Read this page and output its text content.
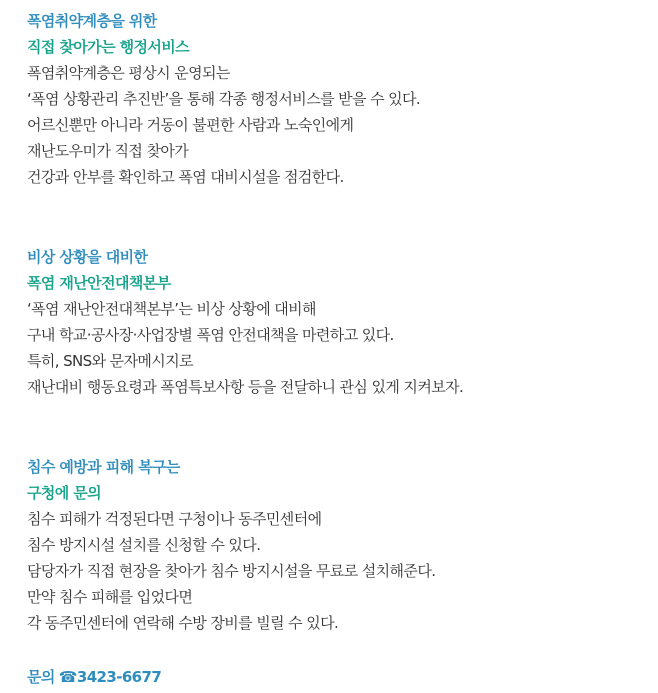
폭염취약계층을 위한
직접 찾아가는 행정서비스
폭염취약계층은 평상시 운영되는
‘폭염 상황관리 추진반’을 통해 각종 행정서비스를 받을 수 있다.
어르신뿐만 아니라 거동이 불편한 사람과 노숙인에게
재난도우미가 직접 찾아가
건강과 안부를 확인하고 폭염 대비시설을 점검한다.
비상 상황을 대비한
폭염 재난안전대책본부
‘폭염 재난안전대책본부’는 비상 상황에 대비해
구내 학교·공사장·사업장별 폭염 안전대책을 마련하고 있다.
특히, SNS와 문자메시지로
재난대비 행동요령과 폭염특보사항 등을 전달하니 관심 있게 지켜보자.
침수 예방과 피해 복구는
구청에 문의
침수 피해가 걱정된다면 구청이나 동주민센터에
침수 방지시설 설치를 신청할 수 있다.
담당자가 직접 현장을 찾아가 침수 방지시설을 무료로 설치해준다.
만약 침수 피해를 입었다면
각 동주민센터에 연락해 수방 장비를 빌릴 수 있다.
문의 ☎3423-6677
